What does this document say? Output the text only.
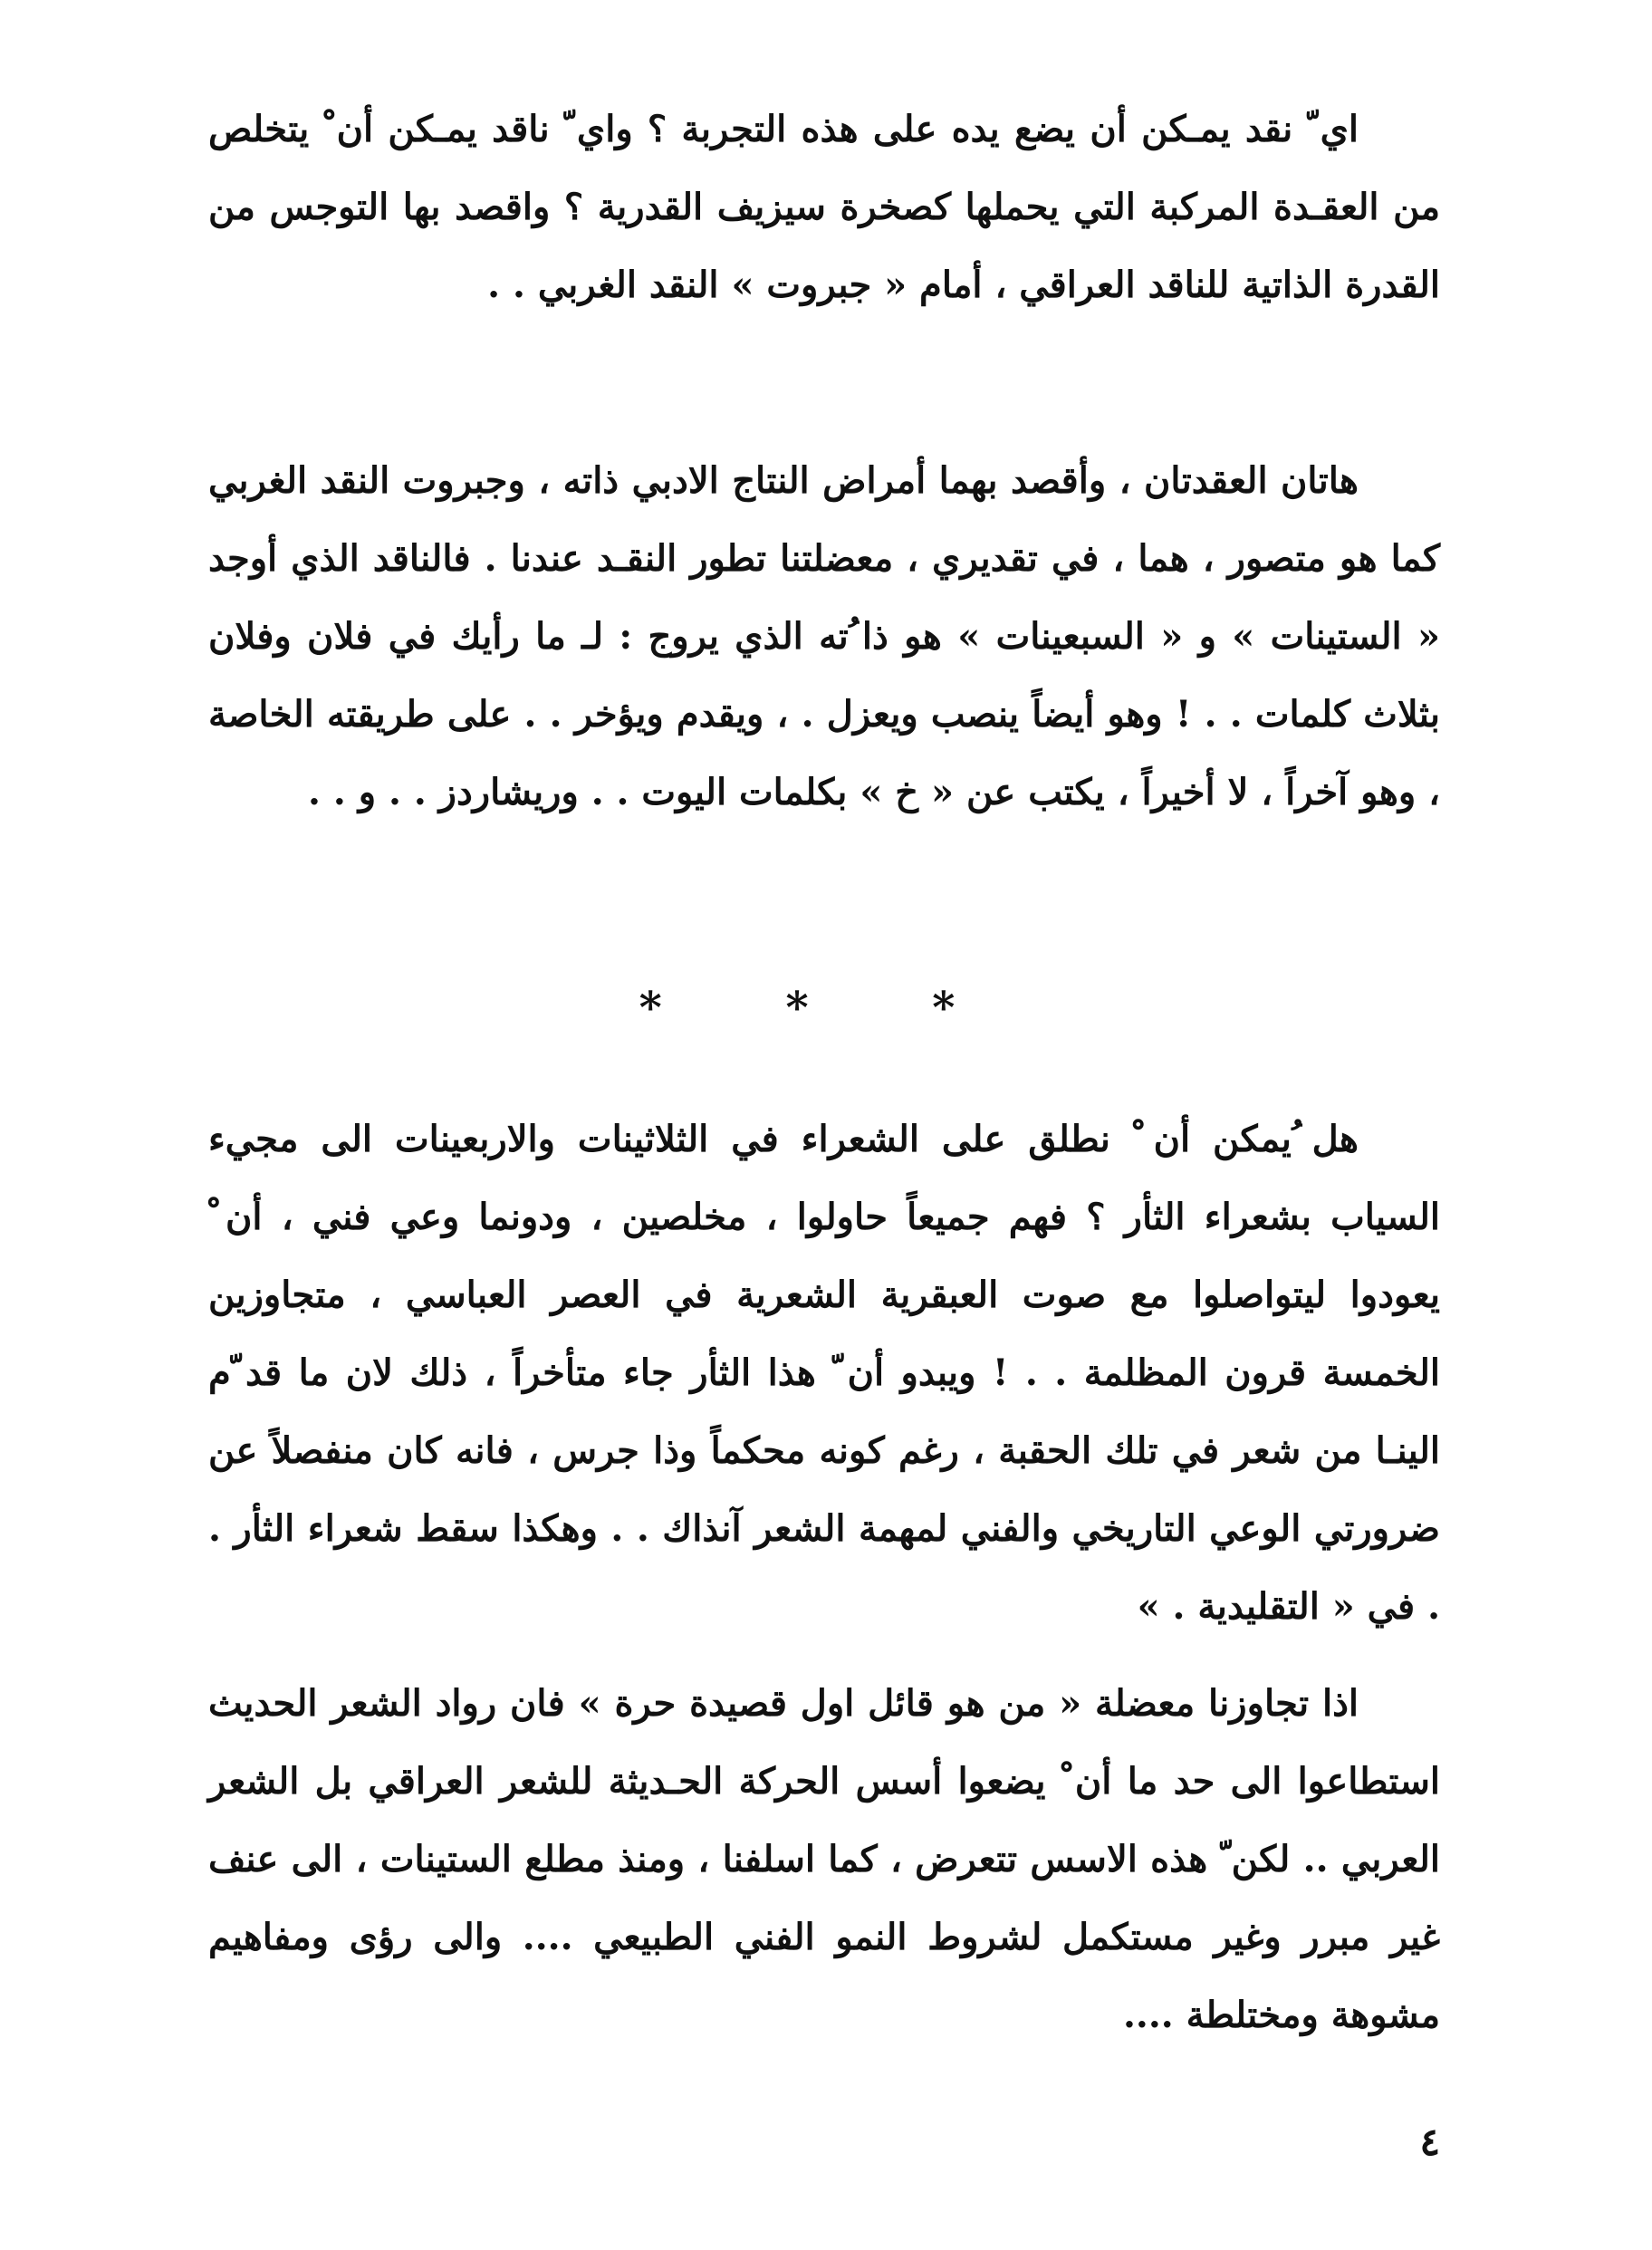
اي ّ نقد يمـكن أن يضع يده على هذه التجربة ؟ واي ّ ناقد يمـكن أن ْ يتخلص من العقـدة المركبة التي يحملها كصخرة سيزيف القدرية ؟ واقصد بها التوجس من القدرة الذاتية للناقد العراقي ، أمام « جبروت » النقد الغربي . .

هاتان العقدتان ، وأقصد بهما أمراض النتاج الادبي ذاته ، وجبروت النقد الغربي كما هو متصور ، هما ، في تقديري ، معضلتنا تطور النقـد عندنا . فالناقد الذي أوجد « الستينات » و « السبعينات » هو ذا ُته الذي يروج : لـ ما رأيك في فلان وفلان بثلاث كلمات . . ! وهو أيضاً ينصب ويعزل . ، ويقدم ويؤخر . . على طريقته الخاصة ، وهو آخراً ، لا أخيراً ، يكتب عن « خ » بكلمات اليوت . . وريشاردز . . و . .

* * *

هل ُيمكن أن ْ نطلق على الشعراء في الثلاثينات والاربعينات الى مجيء السياب بشعراء الثأر ؟ فهم جميعاً حاولوا ، مخلصين ، ودونما وعي فني ، أن ْ يعودوا ليتواصلوا مع صوت العبقرية الشعرية في العصر العباسي ، متجاوزين الخمسة قرون المظلمة . . ! ويبدو أن ّ هذا الثأر جاء متأخراً ، ذلك لان ما قد ّم الينـا من شعر في تلك الحقبة ، رغم كونه محكماً وذا جرس ، فانه كان منفصلاً عن ضرورتي الوعي التاريخي والفني لمهمة الشعر آنذاك . . وهكذا سقط شعراء الثأر . . في « التقليدية . »

اذا تجاوزنا معضلة « من هو قائل اول قصيدة حرة » فان رواد الشعر الحديث استطاعوا الى حد ما أن ْ يضعوا أسس الحركة الحـديثة للشعر العراقي بل الشعر العربي .. لكن ّ هذه الاسس تتعرض ، كما اسلفنا ، ومنذ مطلع الستينات ، الى عنف غير مبرر وغير مستكمل لشروط النمو الفني الطبيعي .... والى رؤى ومفاهيم مشوهة ومختلطة ....

٤
